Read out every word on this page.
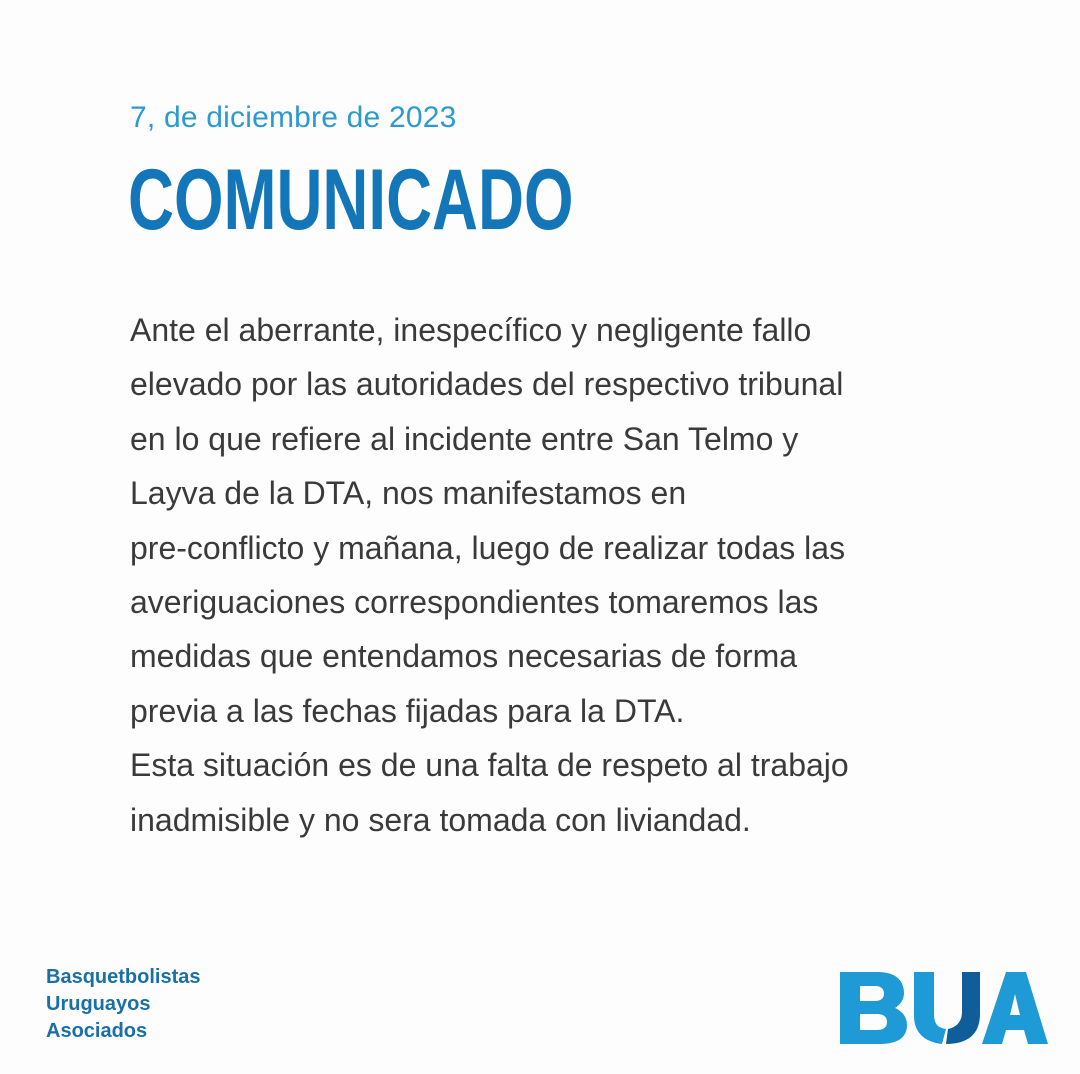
7, de diciembre de 2023
COMUNICADO
Ante el aberrante, inespecífico y negligente fallo
elevado por las autoridades del respectivo tribunal
en lo que refiere al incidente entre San Telmo y
Layva de la DTA, nos manifestamos en
pre-conflicto y mañana, luego de realizar todas las
averiguaciones correspondientes tomaremos las
medidas que entendamos necesarias de forma
previa a las fechas fijadas para la DTA.
Esta situación es de una falta de respeto al trabajo
inadmisible y no sera tomada con liviandad.
Basquetbolistas
Uruguayos
Asociados
